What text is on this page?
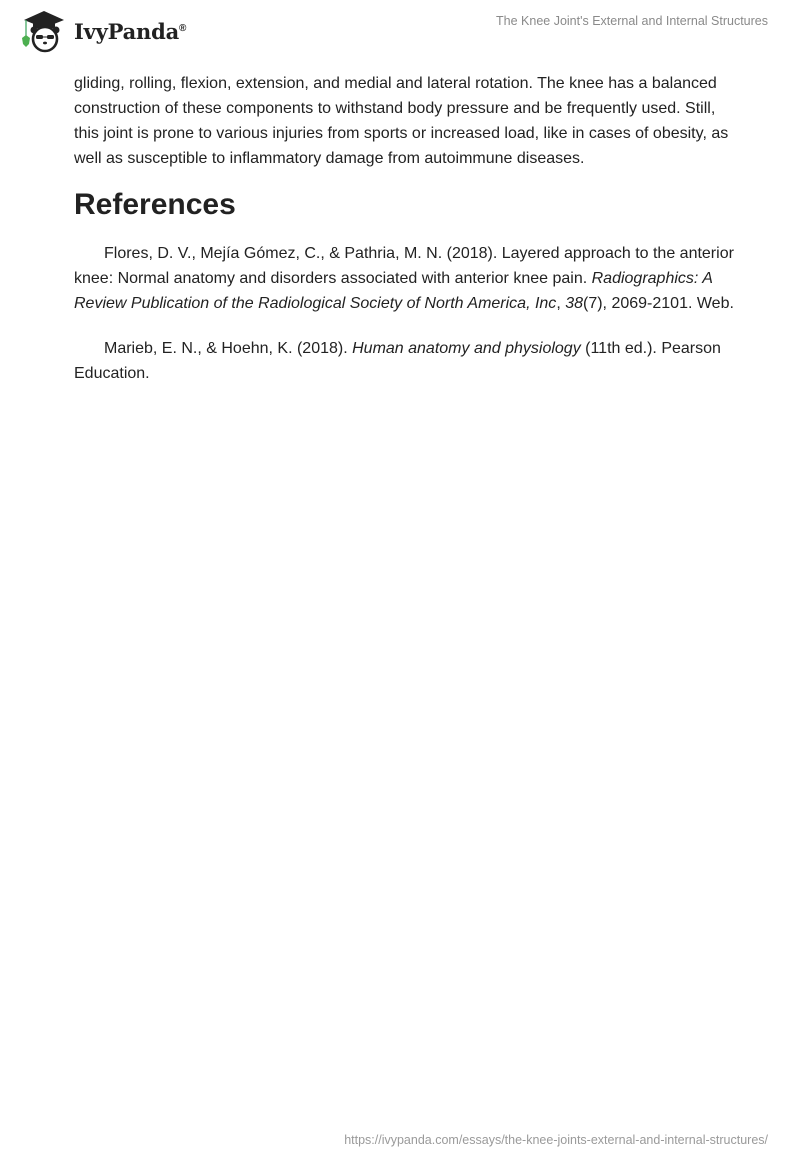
IvyPanda®	The Knee Joint's External and Internal Structures

gliding, rolling, flexion, extension, and medial and lateral rotation. The knee has a balanced construction of these components to withstand body pressure and be frequently used. Still, this joint is prone to various injuries from sports or increased load, like in cases of obesity, as well as susceptible to inflammatory damage from autoimmune diseases.

References

Flores, D. V., Mejía Gómez, C., & Pathria, M. N. (2018). Layered approach to the anterior knee: Normal anatomy and disorders associated with anterior knee pain. Radiographics: A Review Publication of the Radiological Society of North America, Inc, 38(7), 2069-2101. Web.

Marieb, E. N., & Hoehn, K. (2018). Human anatomy and physiology (11th ed.). Pearson Education.

https://ivypanda.com/essays/the-knee-joints-external-and-internal-structures/
